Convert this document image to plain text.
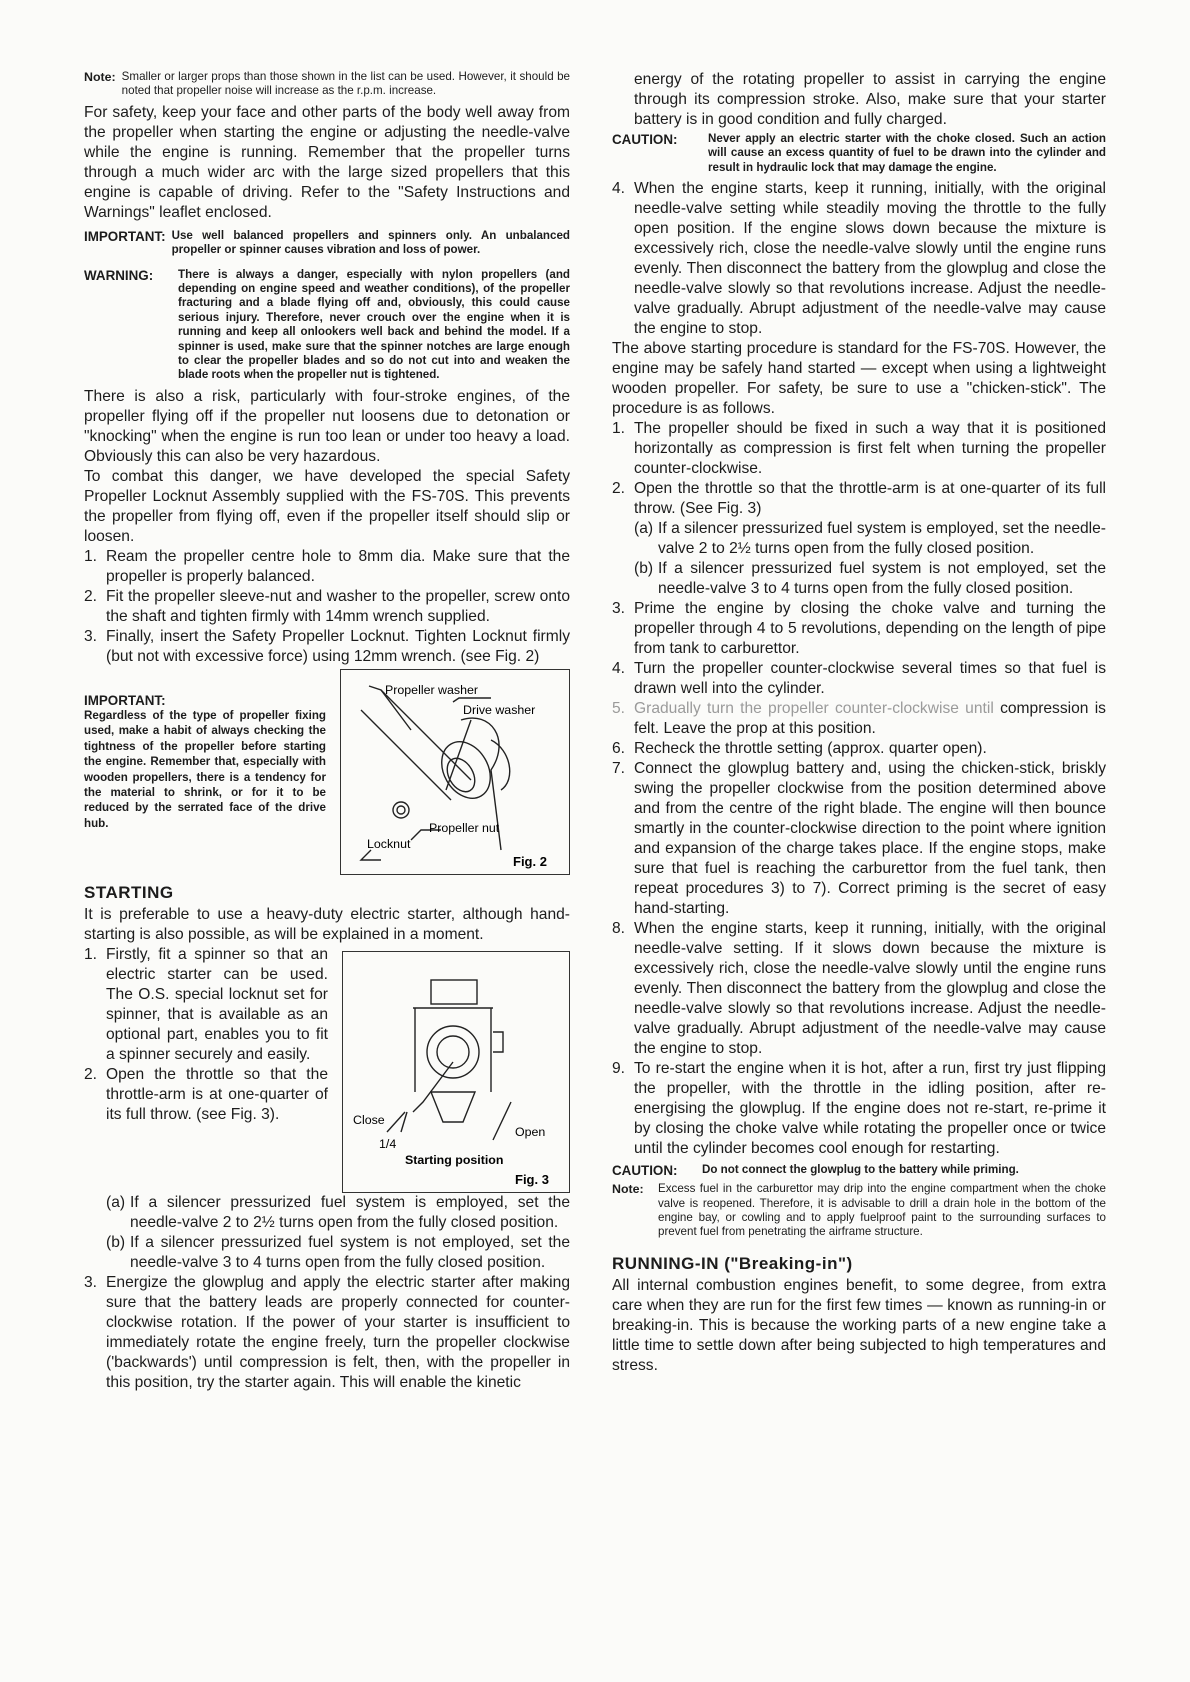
Note: Smaller or larger props than those shown in the list can be used. However, it should be noted that propeller noise will increase as the r.p.m. increase.

For safety, keep your face and other parts of the body well away from the propeller when starting the engine or adjusting the needle-valve while the engine is running. Remember that the propeller turns through a much wider arc with the large sized propellers that this engine is capable of driving. Refer to the "Safety Instructions and Warnings" leaflet enclosed.

IMPORTANT: Use well balanced propellers and spinners only. An unbalanced propeller or spinner causes vibration and loss of power.
WARNING:	There is always a danger, especially with nylon propellers (and depending on engine speed and weather conditions), of the propeller fracturing and a blade flying off and, obviously, this could cause serious injury. Therefore, never crouch over the engine when it is running and keep all onlookers well back and behind the model. If a spinner is used, make sure that the spinner notches are large enough to clear the propeller blades and so do not cut into and weaken the blade roots when the propeller nut is tightened.

There is also a risk, particularly with four-stroke engines, of the propeller flying off if the propeller nut loosens due to detonation or "knocking" when the engine is run too lean or under too heavy a load. Obviously this can also be very hazardous.

To combat this danger, we have developed the special Safety Propeller Locknut Assembly supplied with the FS-70S. This prevents the propeller from flying off, even if the propeller itself should slip or loosen.

1. Ream the propeller centre hole to 8mm dia. Make sure that the propeller is properly balanced.
2. Fit the propeller sleeve-nut and washer to the propeller, screw onto the shaft and tighten firmly with 14mm wrench supplied.
3. Finally, insert the Safety Propeller Locknut. Tighten Locknut firmly (but not with excessive force) using 12mm wrench. (see Fig. 2)
IMPORTANT:
Regardless of the type of propeller fixing used, make a habit of always checking the tightness of the propeller before starting the engine. Remember that, especially with wooden propellers, there is a tendency for the material to shrink, or for it to be reduced by the serrated face of the drive hub.
Propeller washer
Drive washer
Propeller nut
Locknut
Fig. 2
STARTING

It is preferable to use a heavy-duty electric starter, although hand-starting is also possible, as will be explained in a moment.

1. Firstly, fit a spinner so that an electric starter can be used. The O.S. special locknut set for spinner, that is available as an optional part, enables you to fit a spinner securely and easily.
2. Open the throttle so that the throttle-arm is at one-quarter of its full throw. (see Fig. 3).	Close
1/4
Open
Starting position
Fig. 3
(a) If a silencer pressurized fuel system is employed, set the needle-valve 2 to 2½ turns open from the fully closed position.
(b) If a silencer pressurized fuel system is not employed, set the needle-valve 3 to 4 turns open from the fully closed position.
3. Energize the glowplug and apply the electric starter after making sure that the battery leads are properly connected for counter-clockwise rotation. If the power of your starter is insufficient to immediately rotate the engine freely, turn the propeller clockwise ('backwards') until compression is felt, then, with the propeller in this position, try the starter again. This will enable the kinetic

energy of the rotating propeller to assist in carrying the engine through its compression stroke. Also, make sure that your starter battery is in good condition and fully charged.

CAUTION:	Never apply an electric starter with the choke closed. Such an action will cause an excess quantity of fuel to be drawn into the cylinder and result in hydraulic lock that may damage the engine.
4. When the engine starts, keep it running, initially, with the original needle-valve setting while steadily moving the throttle to the fully open position. If the engine slows down because the mixture is excessively rich, close the needle-valve slowly until the engine runs evenly. Then disconnect the battery from the glowplug and close the needle-valve slowly so that revolutions increase. Adjust the needle-valve gradually. Abrupt adjustment of the needle-valve may cause the engine to stop.

The above starting procedure is standard for the FS-70S. However, the engine may be safely hand started — except when using a lightweight wooden propeller. For safety, be sure to use a "chicken-stick". The procedure is as follows.

1. The propeller should be fixed in such a way that it is positioned horizontally as compression is first felt when turning the propeller counter-clockwise.
2. Open the throttle so that the throttle-arm is at one-quarter of its full throw. (See Fig. 3)
(a) If a silencer pressurized fuel system is employed, set the needle-valve 2 to 2½ turns open from the fully closed position.
(b) If a silencer pressurized fuel system is not employed, set the needle-valve 3 to 4 turns open from the fully closed position.
3. Prime the engine by closing the choke valve and turning the propeller through 4 to 5 revolutions, depending on the length of pipe from tank to carburettor.
4. Turn the propeller counter-clockwise several times so that fuel is drawn well into the cylinder.
5. Gradually turn the propeller counter-clockwise until compression is felt. Leave the prop at this position.
6. Recheck the throttle setting (approx. quarter open).
7. Connect the glowplug battery and, using the chicken-stick, briskly swing the propeller clockwise from the position determined above and from the centre of the right blade. The engine will then bounce smartly in the counter-clockwise direction to the point where ignition and expansion of the charge takes place. If the engine stops, make sure that fuel is reaching the carburettor from the fuel tank, then repeat procedures 3) to 7). Correct priming is the secret of easy hand-starting.
8. When the engine starts, keep it running, initially, with the original needle-valve setting. If it slows down because the mixture is excessively rich, close the needle-valve slowly until the engine runs evenly. Then disconnect the battery from the glowplug and close the needle-valve slowly so that revolutions increase. Adjust the needle-valve gradually. Abrupt adjustment of the needle-valve may cause the engine to stop.
9. To re-start the engine when it is hot, after a run, first try just flipping the propeller, with the throttle in the idling position, after re-energising the glowplug. If the engine does not re-start, re-prime it by closing the choke valve while rotating the propeller once or twice until the cylinder becomes cool enough for restarting.
CAUTION:	Do not connect the glowplug to the battery while priming.
Note:	Excess fuel in the carburettor may drip into the engine compartment when the choke valve is reopened. Therefore, it is advisable to drill a drain hole in the bottom of the engine bay, or cowling and to apply fuelproof paint to the surrounding surfaces to prevent fuel from penetrating the airframe structure.
RUNNING-IN ("Breaking-in")

All internal combustion engines benefit, to some degree, from extra care when they are run for the first few times — known as running-in or breaking-in. This is because the working parts of a new engine take a little time to settle down after being subjected to high temperatures and stress.
